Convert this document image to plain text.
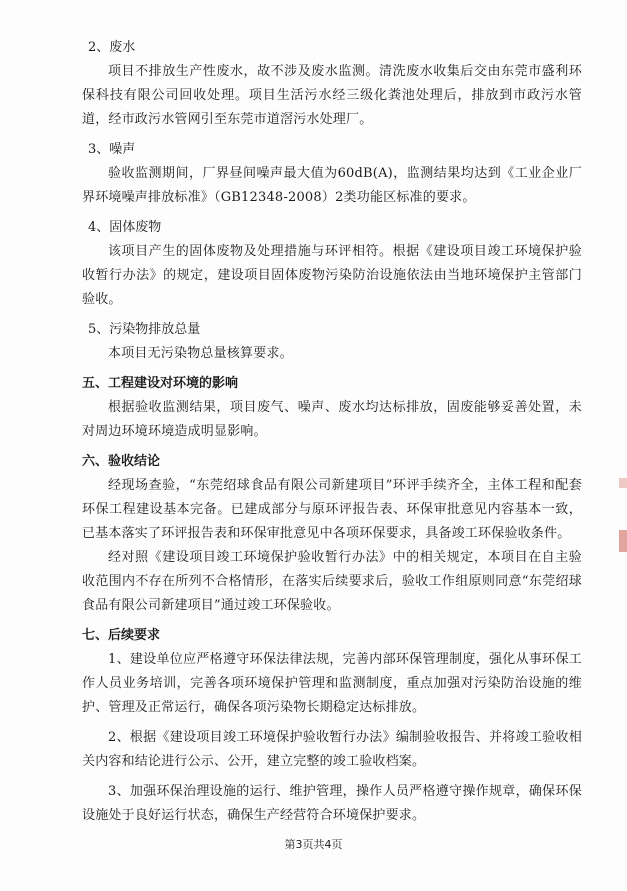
2、废水

项目不排放生产性废水，故不涉及废水监测。清洗废水收集后交由东莞市盛利环保科技有限公司回收处理。项目生活污水经三级化粪池处理后，排放到市政污水管道，经市政污水管网引至东莞市道滘污水处理厂。

3、噪声

验收监测期间，厂界昼间噪声最大值为60dB(A)，监测结果均达到《工业企业厂界环境噪声排放标准》（GB12348-2008）2类功能区标准的要求。

4、固体废物

该项目产生的固体废物及处理措施与环评相符。根据《建设项目竣工环境保护验收暂行办法》的规定，建设项目固体废物污染防治设施依法由当地环境保护主管部门验收。

5、污染物排放总量

本项目无污染物总量核算要求。

五、工程建设对环境的影响

根据验收监测结果，项目废气、噪声、废水均达标排放，固废能够妥善处置，未对周边环境环境造成明显影响。

六、验收结论

经现场查验，“东莞绍球食品有限公司新建项目”环评手续齐全，主体工程和配套环保工程建设基本完备。已建成部分与原环评报告表、环保审批意见内容基本一致，已基本落实了环评报告表和环保审批意见中各项环保要求，具备竣工环保验收条件。

经对照《建设项目竣工环境保护验收暂行办法》中的相关规定，本项目在自主验收范围内不存在所列不合格情形，在落实后续要求后，验收工作组原则同意“东莞绍球食品有限公司新建项目”通过竣工环保验收。

七、后续要求

1、建设单位应严格遵守环保法律法规，完善内部环保管理制度，强化从事环保工作人员业务培训，完善各项环境保护管理和监测制度，重点加强对污染防治设施的维护、管理及正常运行，确保各项污染物长期稳定达标排放。

2、根据《建设项目竣工环境保护验收暂行办法》编制验收报告、并将竣工验收相关内容和结论进行公示、公开，建立完整的竣工验收档案。

3、加强环保治理设施的运行、维护管理，操作人员严格遵守操作规章，确保环保设施处于良好运行状态，确保生产经营符合环境保护要求。

第3页共4页
